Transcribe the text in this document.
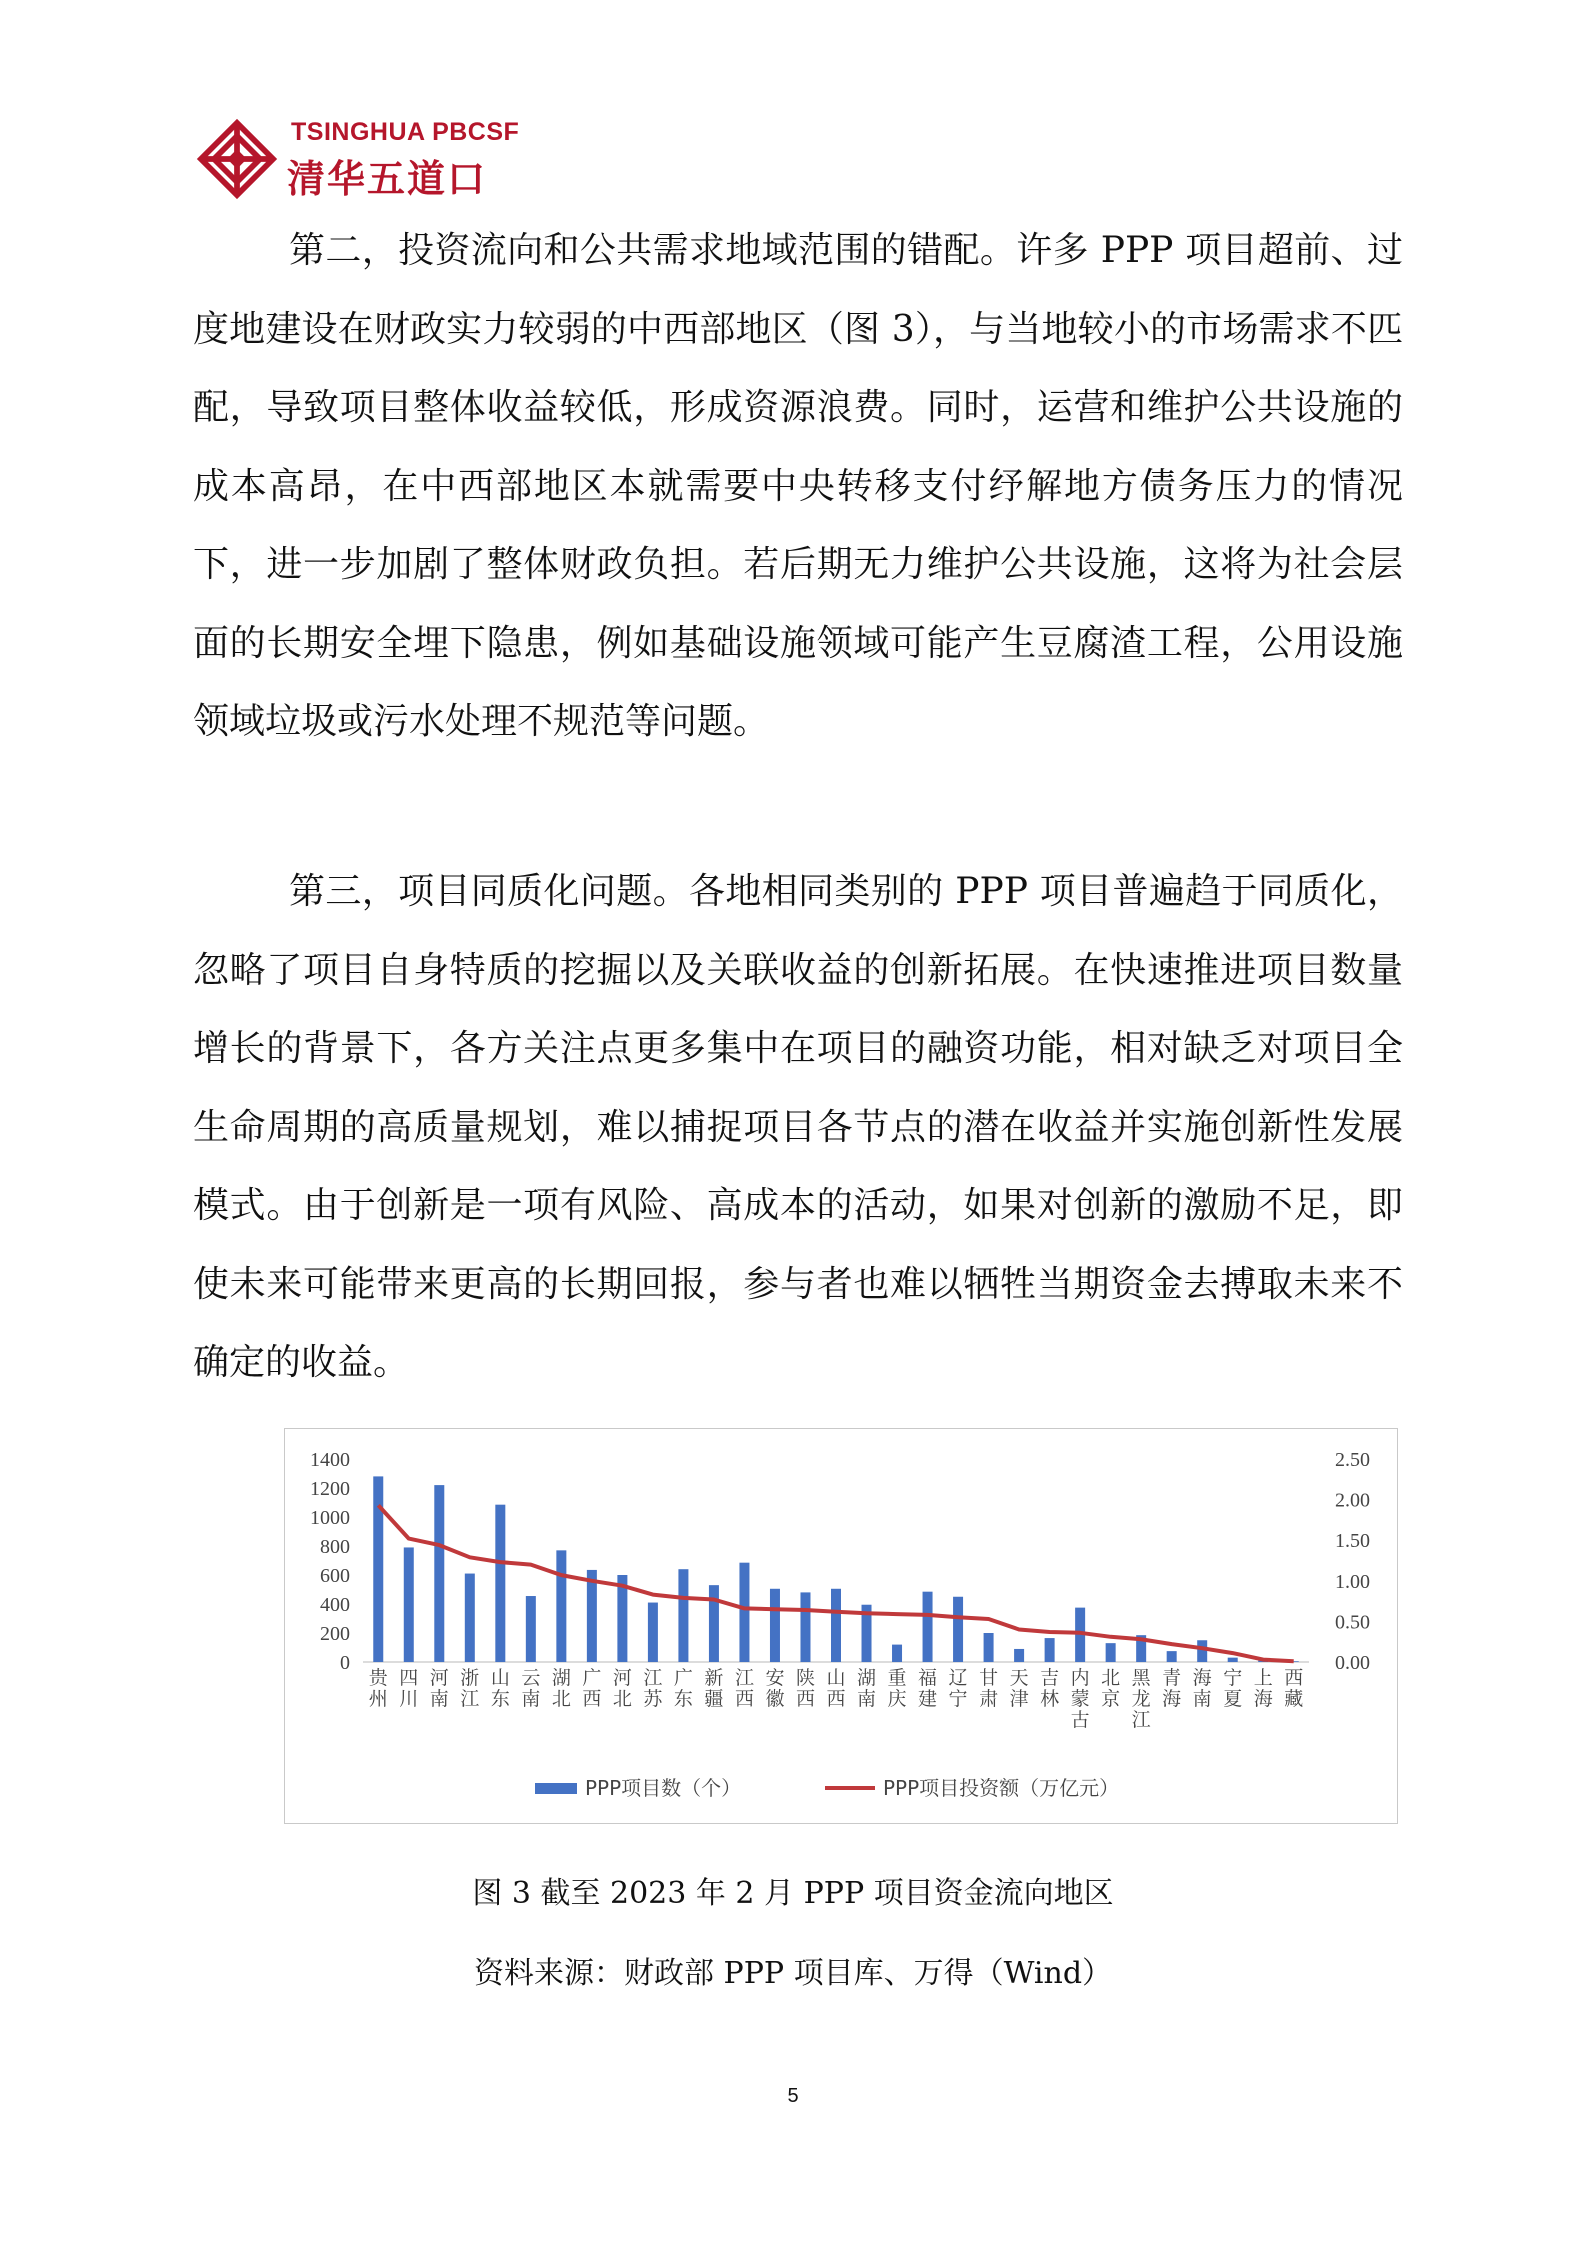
TSINGHUA PBCSF
清华五道口

第二，投资流向和公共需求地域范围的错配。许多 PPP 项目超前、过度地建设在财政实力较弱的中西部地区（图 3），与当地较小的市场需求不匹配，导致项目整体收益较低，形成资源浪费。同时，运营和维护公共设施的成本高昂，在中西部地区本就需要中央转移支付纾解地方债务压力的情况下，进一步加剧了整体财政负担。若后期无力维护公共设施，这将为社会层面的长期安全埋下隐患，例如基础设施领域可能产生豆腐渣工程，公用设施领域垃圾或污水处理不规范等问题。

第三，项目同质化问题。各地相同类别的 PPP 项目普遍趋于同质化，忽略了项目自身特质的挖掘以及关联收益的创新拓展。在快速推进项目数量增长的背景下，各方关注点更多集中在项目的融资功能，相对缺乏对项目全生命周期的高质量规划，难以捕捉项目各节点的潜在收益并实施创新性发展模式。由于创新是一项有风险、高成本的活动，如果对创新的激励不足，即使未来可能带来更高的长期回报，参与者也难以牺牲当期资金去搏取未来不确定的收益。

0
200
400
600
800
1000
1200
1400
0.00
0.50
1.00
1.50
2.00
2.50
贵州
四川
河南
浙江
山东
云南
湖北
广西
河北
江苏
广东
新疆
江西
安徽
陕西
山西
湖南
重庆
福建
辽宁
甘肃
天津
吉林
内蒙古
北京
黑龙江
青海
海南
宁夏
上海
西藏
PPP项目数（个）	PPP项目投资额（万亿元）
图 3 截至 2023 年 2 月 PPP 项目资金流向地区
资料来源：财政部 PPP 项目库、万得（Wind）
5
